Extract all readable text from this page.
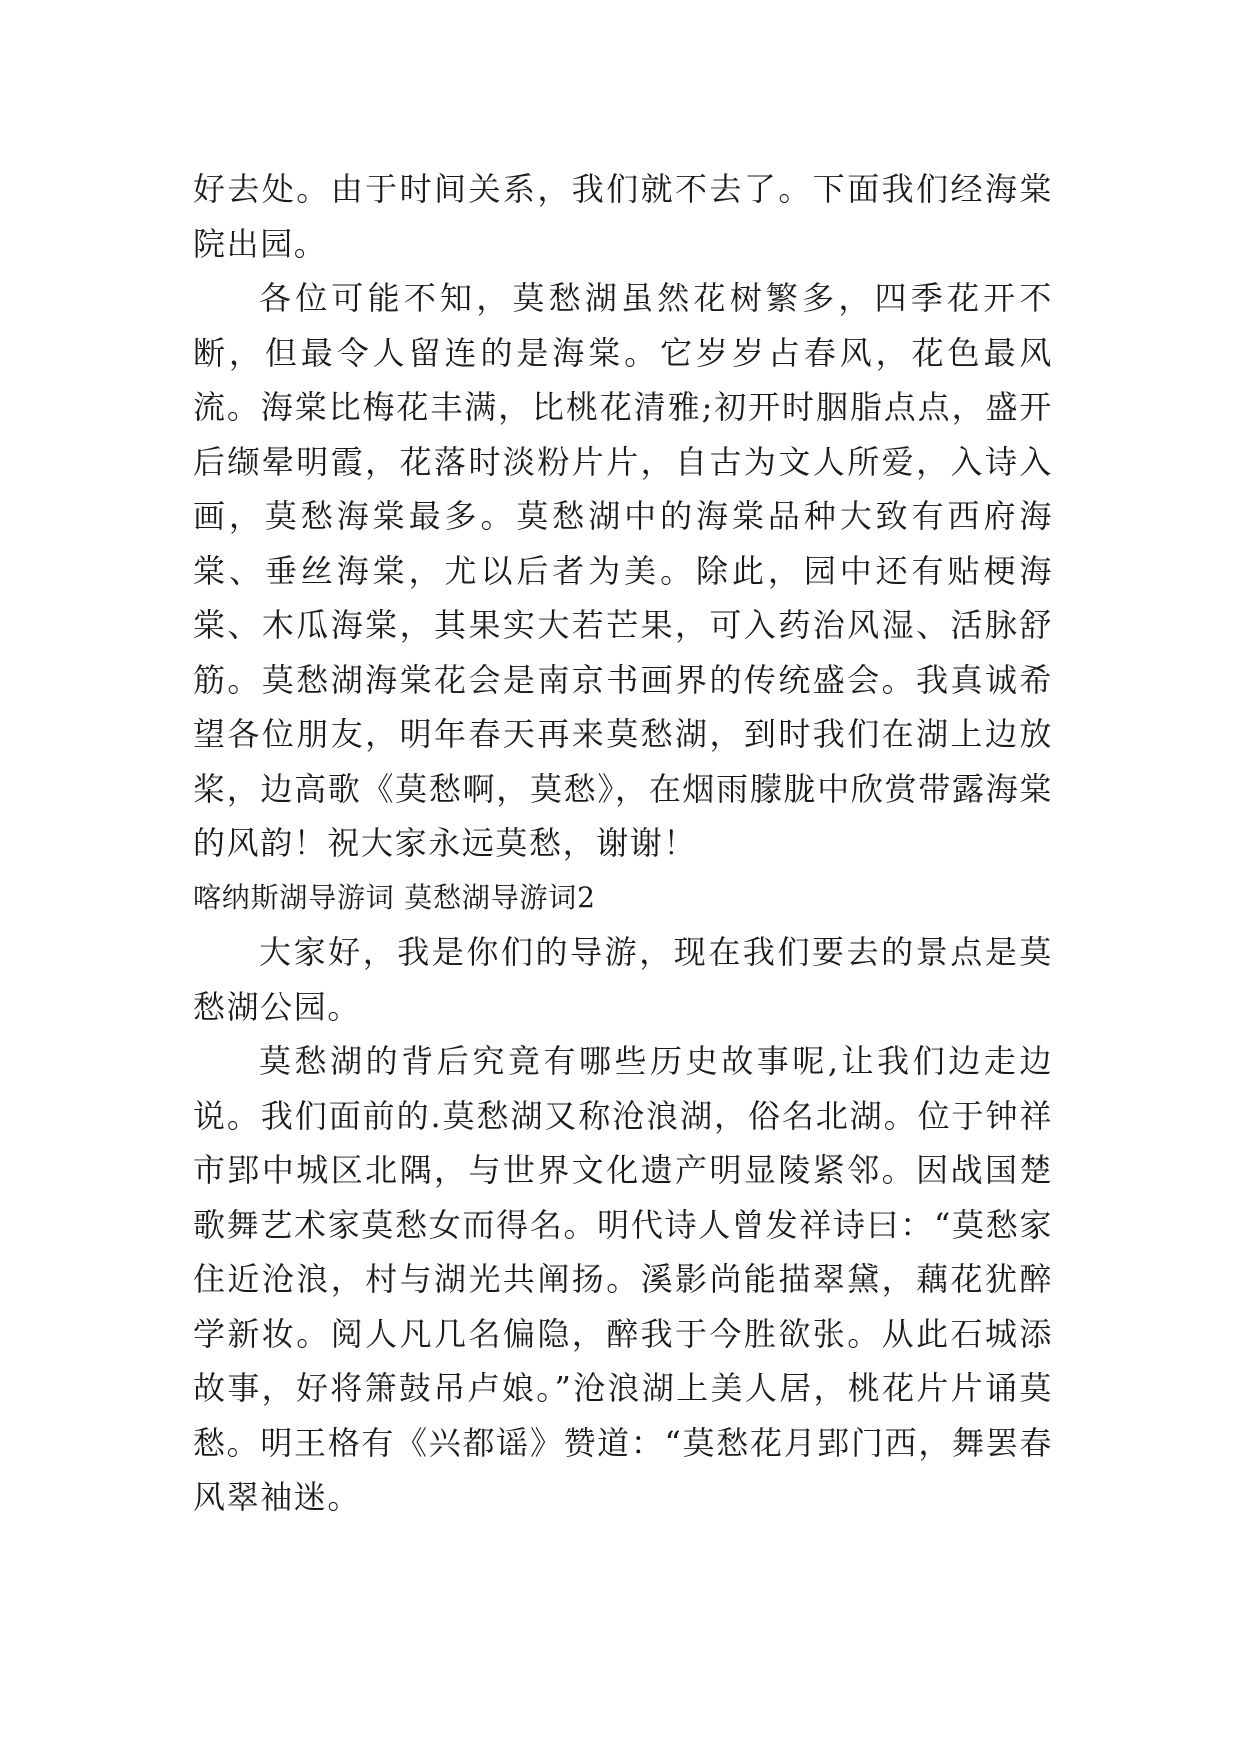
好去处。由于时间关系，我们就不去了。下面我们经海棠院出园。

各位可能不知，莫愁湖虽然花树繁多，四季花开不断，但最令人留连的是海棠。它岁岁占春风，花色最风流。海棠比梅花丰满，比桃花清雅;初开时胭脂点点，盛开后缬晕明霞，花落时淡粉片片，自古为文人所爱，入诗入画，莫愁海棠最多。莫愁湖中的海棠品种大致有西府海棠、垂丝海棠，尤以后者为美。除此，园中还有贴梗海棠、木瓜海棠，其果实大若芒果，可入药治风湿、活脉舒筋。莫愁湖海棠花会是南京书画界的传统盛会。我真诚希望各位朋友，明年春天再来莫愁湖，到时我们在湖上边放桨，边高歌《莫愁啊，莫愁》，在烟雨朦胧中欣赏带露海棠的风韵！祝大家永远莫愁，谢谢！

喀纳斯湖导游词 莫愁湖导游词2

大家好，我是你们的导游，现在我们要去的景点是莫愁湖公园。

莫愁湖的背后究竟有哪些历史故事呢,让我们边走边说。我们面前的.莫愁湖又称沧浪湖，俗名北湖。位于钟祥市郢中城区北隅，与世界文化遗产明显陵紧邻。因战国楚歌舞艺术家莫愁女而得名。明代诗人曾发祥诗曰：“莫愁家住近沧浪，村与湖光共阐扬。溪影尚能描翠黛，藕花犹醉学新妆。阅人凡几名偏隐，醉我于今胜欲张。从此石城添故事，好将箫鼓吊卢娘。”沧浪湖上美人居，桃花片片诵莫愁。明王格有《兴都谣》赞道：“莫愁花月郢门西，舞罢春风翠袖迷。
